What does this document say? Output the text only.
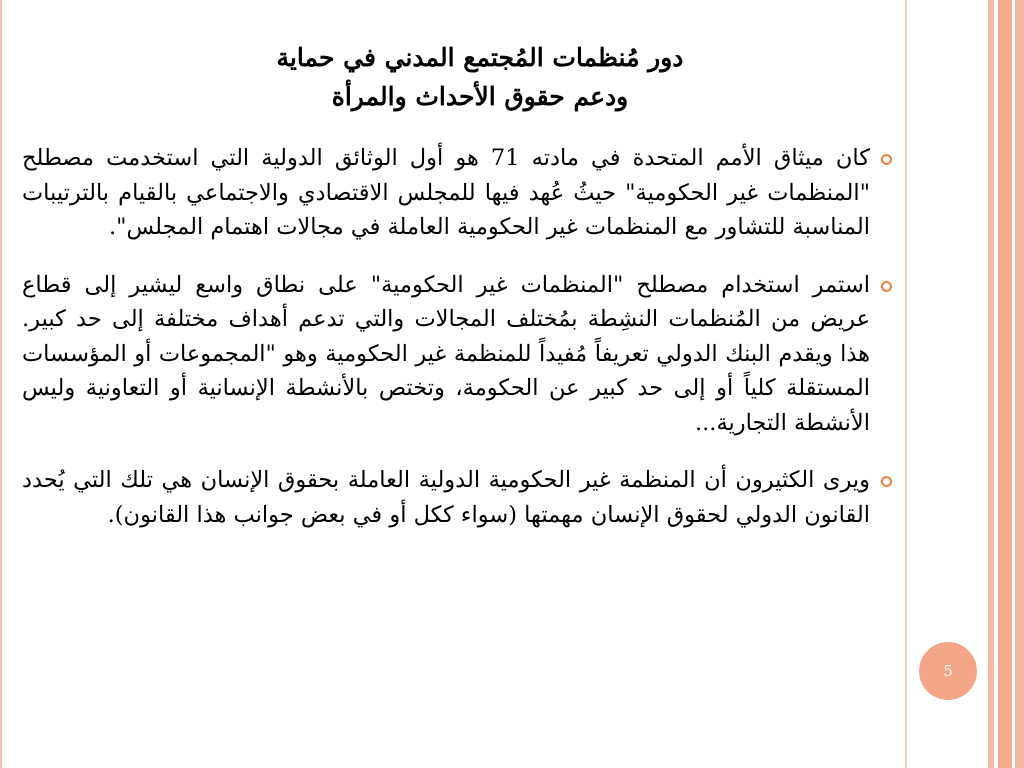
دور مُنظمات المُجتمع المدني في حماية
ودعم حقوق الأحداث والمرأة

كان ميثاق الأمم المتحدة في مادته 71 هو أول الوثائق الدولية التي استخدمت مصطلح "المنظمات غير الحكومية" حيثُ عُهد فيها للمجلس الاقتصادي والاجتماعي بالقيام بالترتيبات المناسبة للتشاور مع المنظمات غير الحكومية العاملة في مجالات اهتمام المجلس".

استمر استخدام مصطلح "المنظمات غير الحكومية" على نطاق واسع ليشير إلى قطاع عريض من المُنظمات النشِطة بمُختلف المجالات والتي تدعم أهداف مختلفة إلى حد كبير. هذا ويقدم البنك الدولي تعريفاً مُفيداً للمنظمة غير الحكومية وهو "المجموعات أو المؤسسات المستقلة كلياً أو إلى حد كبير عن الحكومة، وتختص بالأنشطة الإنسانية أو التعاونية وليس الأنشطة التجارية...

ويرى الكثيرون أن المنظمة غير الحكومية الدولية العاملة بحقوق الإنسان هي تلك التي يُحدد القانون الدولي لحقوق الإنسان مهمتها (سواء ككل أو في بعض جوانب هذا القانون).

5
